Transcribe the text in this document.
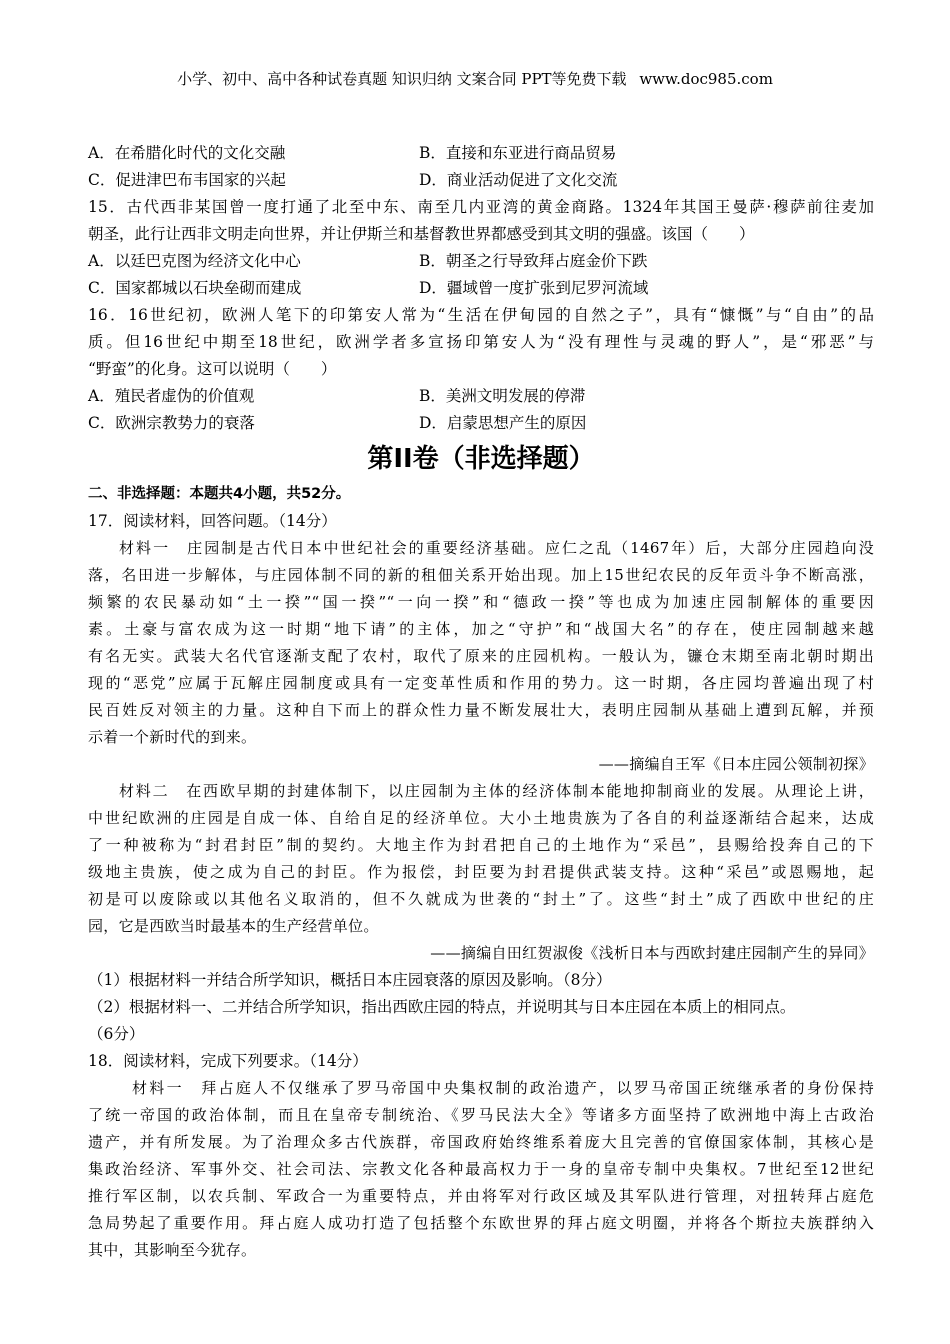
小学、初中、高中各种试卷真题 知识归纳 文案合同 PPT等免费下载 www.doc985.com
A．在希腊化时代的文化交融	B．直接和东亚进行商品贸易
C．促进津巴布韦国家的兴起	D．商业活动促进了文化交流
15．古代西非某国曾一度打通了北至中东、南至几内亚湾的黄金商路。1324年其国王曼萨·穆萨前往麦加
朝圣，此行让西非文明走向世界，并让伊斯兰和基督教世界都感受到其文明的强盛。该国（　　）
A．以廷巴克图为经济文化中心	B．朝圣之行导致拜占庭金价下跌
C．国家都城以石块垒砌而建成	D．疆域曾一度扩张到尼罗河流域
16．16世纪初，欧洲人笔下的印第安人常为“生活在伊甸园的自然之子”，具有“慷慨”与“自由”的品
质。但16世纪中期至18世纪，欧洲学者多宣扬印第安人为“没有理性与灵魂的野人”，是“邪恶”与
“野蛮”的化身。这可以说明（　　）
A．殖民者虚伪的价值观	B．美洲文明发展的停滞
C．欧洲宗教势力的衰落	D．启蒙思想产生的原因
第II卷（非选择题）
二、非选择题：本题共4小题，共52分。
17．阅读材料，回答问题。（14分）
材料一　庄园制是古代日本中世纪社会的重要经济基础。应仁之乱（1467年）后，大部分庄园趋向没
落，名田进一步解体，与庄园体制不同的新的租佃关系开始出现。加上15世纪农民的反年贡斗争不断高涨，
频繁的农民暴动如“土一揆”“国一揆”“一向一揆”和“德政一揆”等也成为加速庄园制解体的重要因
素。土豪与富农成为这一时期“地下请”的主体，加之“守护”和“战国大名”的存在，使庄园制越来越
有名无实。武装大名代官逐渐支配了农村，取代了原来的庄园机构。一般认为，镰仓末期至南北朝时期出
现的“恶党”应属于瓦解庄园制度或具有一定变革性质和作用的势力。这一时期，各庄园均普遍出现了村
民百姓反对领主的力量。这种自下而上的群众性力量不断发展壮大，表明庄园制从基础上遭到瓦解，并预
示着一个新时代的到来。
——摘编自王军《日本庄园公领制初探》
材料二　在西欧早期的封建体制下，以庄园制为主体的经济体制本能地抑制商业的发展。从理论上讲，
中世纪欧洲的庄园是自成一体、自给自足的经济单位。大小土地贵族为了各自的利益逐渐结合起来，达成
了一种被称为“封君封臣”制的契约。大地主作为封君把自己的土地作为“采邑”，县赐给投奔自己的下
级地主贵族，使之成为自己的封臣。作为报偿，封臣要为封君提供武装支持。这种“采邑”或恩赐地，起
初是可以废除或以其他名义取消的，但不久就成为世袭的“封土”了。这些“封土”成了西欧中世纪的庄
园，它是西欧当时最基本的生产经营单位。
——摘编自田红贺淑俊《浅析日本与西欧封建庄园制产生的异同》
（1）根据材料一并结合所学知识，概括日本庄园衰落的原因及影响。（8分）
（2）根据材料一、二并结合所学知识，指出西欧庄园的特点，并说明其与日本庄园在本质上的相同点。
（6分）
18．阅读材料，完成下列要求。（14分）
材料一　拜占庭人不仅继承了罗马帝国中央集权制的政治遗产，以罗马帝国正统继承者的身份保持
了统一帝国的政治体制，而且在皇帝专制统治、《罗马民法大全》等诸多方面坚持了欧洲地中海上古政治
遗产，并有所发展。为了治理众多古代族群，帝国政府始终维系着庞大且完善的官僚国家体制，其核心是
集政治经济、军事外交、社会司法、宗教文化各种最高权力于一身的皇帝专制中央集权。7世纪至12世纪
推行军区制，以农兵制、军政合一为重要特点，并由将军对行政区域及其军队进行管理，对扭转拜占庭危
急局势起了重要作用。拜占庭人成功打造了包括整个东欧世界的拜占庭文明圈，并将各个斯拉夫族群纳入
其中，其影响至今犹存。
